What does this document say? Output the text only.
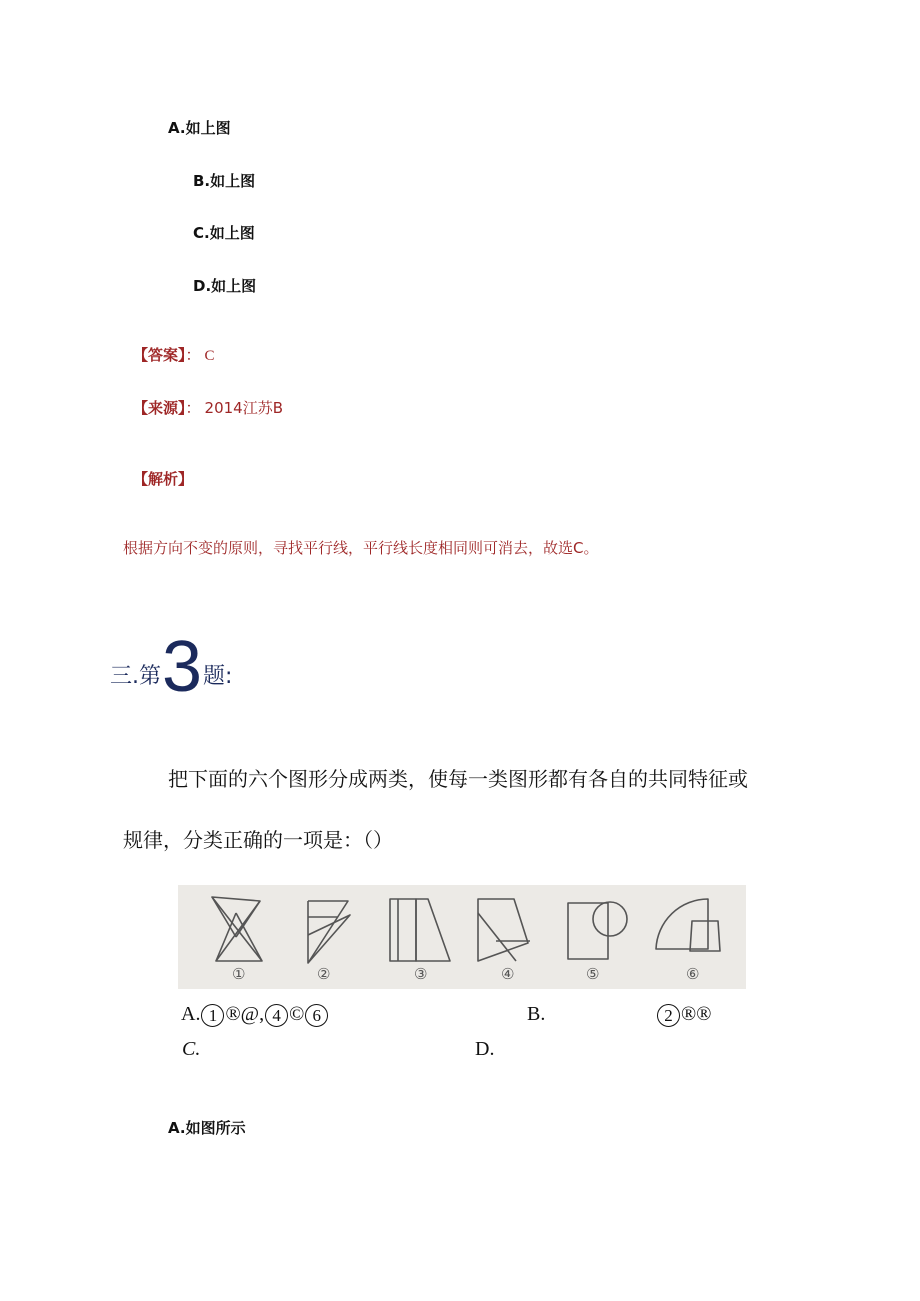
A.如上图
B.如上图
C.如上图
D.如上图
【答案】： C
【来源】： 2014江苏B
【解析】
根据方向不变的原则，寻找平行线，平行线长度相同则可消去，故选C。
三.第 3 题:
把下面的六个图形分成两类，使每一类图形都有各自的共同特征或
规律，分类正确的一项是：（）
①	②	③	④	⑤	⑥
A. 1 ®@, 4 © 6	B.	2 ®®
C.	D.
A.如图所示
